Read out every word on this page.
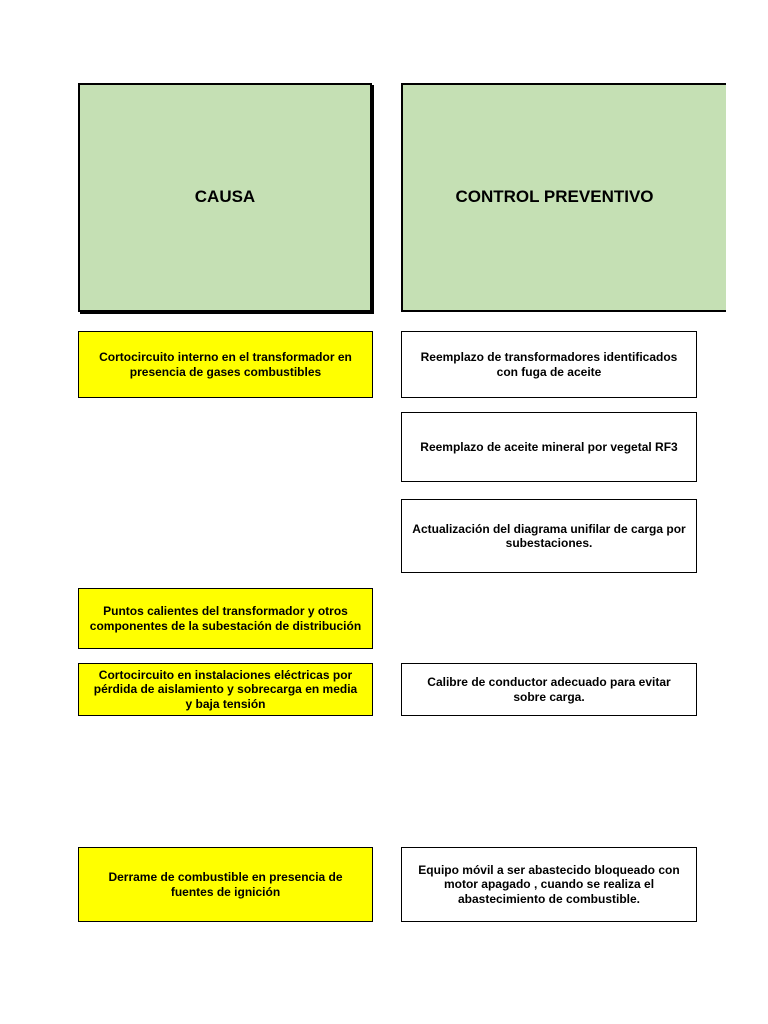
CAUSA	CONTROL PREVENTIVO
Cortocircuito interno en el transformador en presencia de gases combustibles
Puntos calientes del transformador y otros componentes de la subestación de distribución
Cortocircuito en instalaciones eléctricas por pérdida de aislamiento y sobrecarga en media y baja tensión
Derrame de combustible en presencia de fuentes de ignición
Reemplazo de transformadores identificados con fuga de aceite
Reemplazo de aceite mineral por vegetal RF3
Actualización del diagrama unifilar de carga por subestaciones.
Calibre de conductor adecuado para evitar sobre carga.
Equipo móvil a ser abastecido bloqueado con motor apagado , cuando se realiza el abastecimiento de combustible.
